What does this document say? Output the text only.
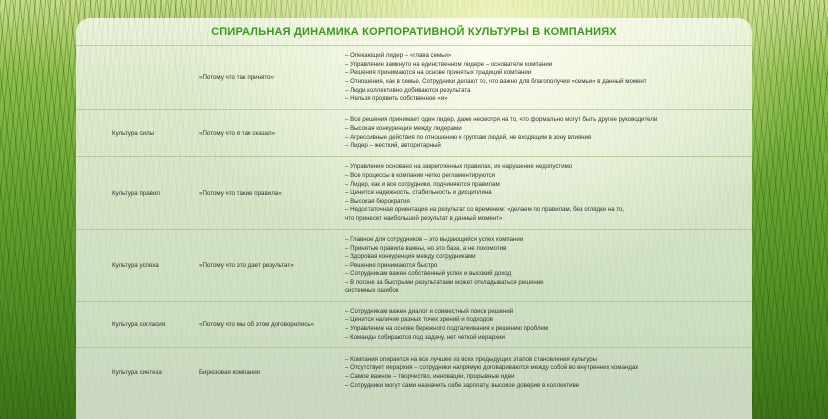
СПИРАЛЬНАЯ ДИНАМИКА КОРПОРАТИВНОЙ КУЛЬТУРЫ В КОМПАНИЯХ
«Потому что так принято»
– Опекающий лидер – «глава семьи»
– Управление замкнуто на единственном лидере – основателе компании
– Решения принимаются на основе принятых традиций компании
– Отношения, как в семье. Сотрудники делают то, что важно для благополучия «семьи» в данный момент
– Люди коллективно добиваются результата
– Нельзя проявить собственное «я»
Культура силы	«Потому что я так сказал»
– Все решения принимает один лидер, даже несмотря на то, что формально могут быть другие руководители
– Высокая конкуренция между лидерами
– Агрессивные действия по отношению к группам людей, не входящим в зону влияния
– Лидер – жесткий, авторитарный
Культура правил	«Потому что такие правила»
– Управление основано на закрепленных правилах, их нарушение недопустимо
– Все процессы в компании четко регламентируются
– Лидер, как и все сотрудники, подчиняются правилам
– Ценится надежность, стабильность и дисциплина
– Высокая бюрократия
– Недостаточная ориентация на результат со временем: «делаем по правилам, без оглядки на то,
что принесет наибольший результат в данный момент»
Культура успеха	«Потому что это дает результат»
– Главное для сотрудников – это выдающийся успех компании
– Принятые правила важны, но это база, а не локомотив
– Здоровая конкуренция между сотрудниками
– Решения принимаются быстро
– Сотрудникам важен собственный успех и высокий доход
– В погоне за быстрыми результатами может откладываться решение
системных ошибок
Культура согласия	«Потому что мы об этом договорились»
– Сотрудникам важен диалог и совместный поиск решений
– Ценится наличие разных точек зрений и подходов
– Управление на основе бережного подталкивания к решению проблем
– Команды собираются под задачу, нет четкой иерархии
Культура синтеза	Бирюзовая компания
– Компания опирается на все лучшее из всех предыдущих этапов становления культуры
– Отсутствует иерархия – сотрудники напрямую договариваются между собой во внутренних командах
– Самое важное – творчество, инновации, прорывные идеи
– Сотрудники могут сами назначить себе зарплату, высокое доверие в коллективе
